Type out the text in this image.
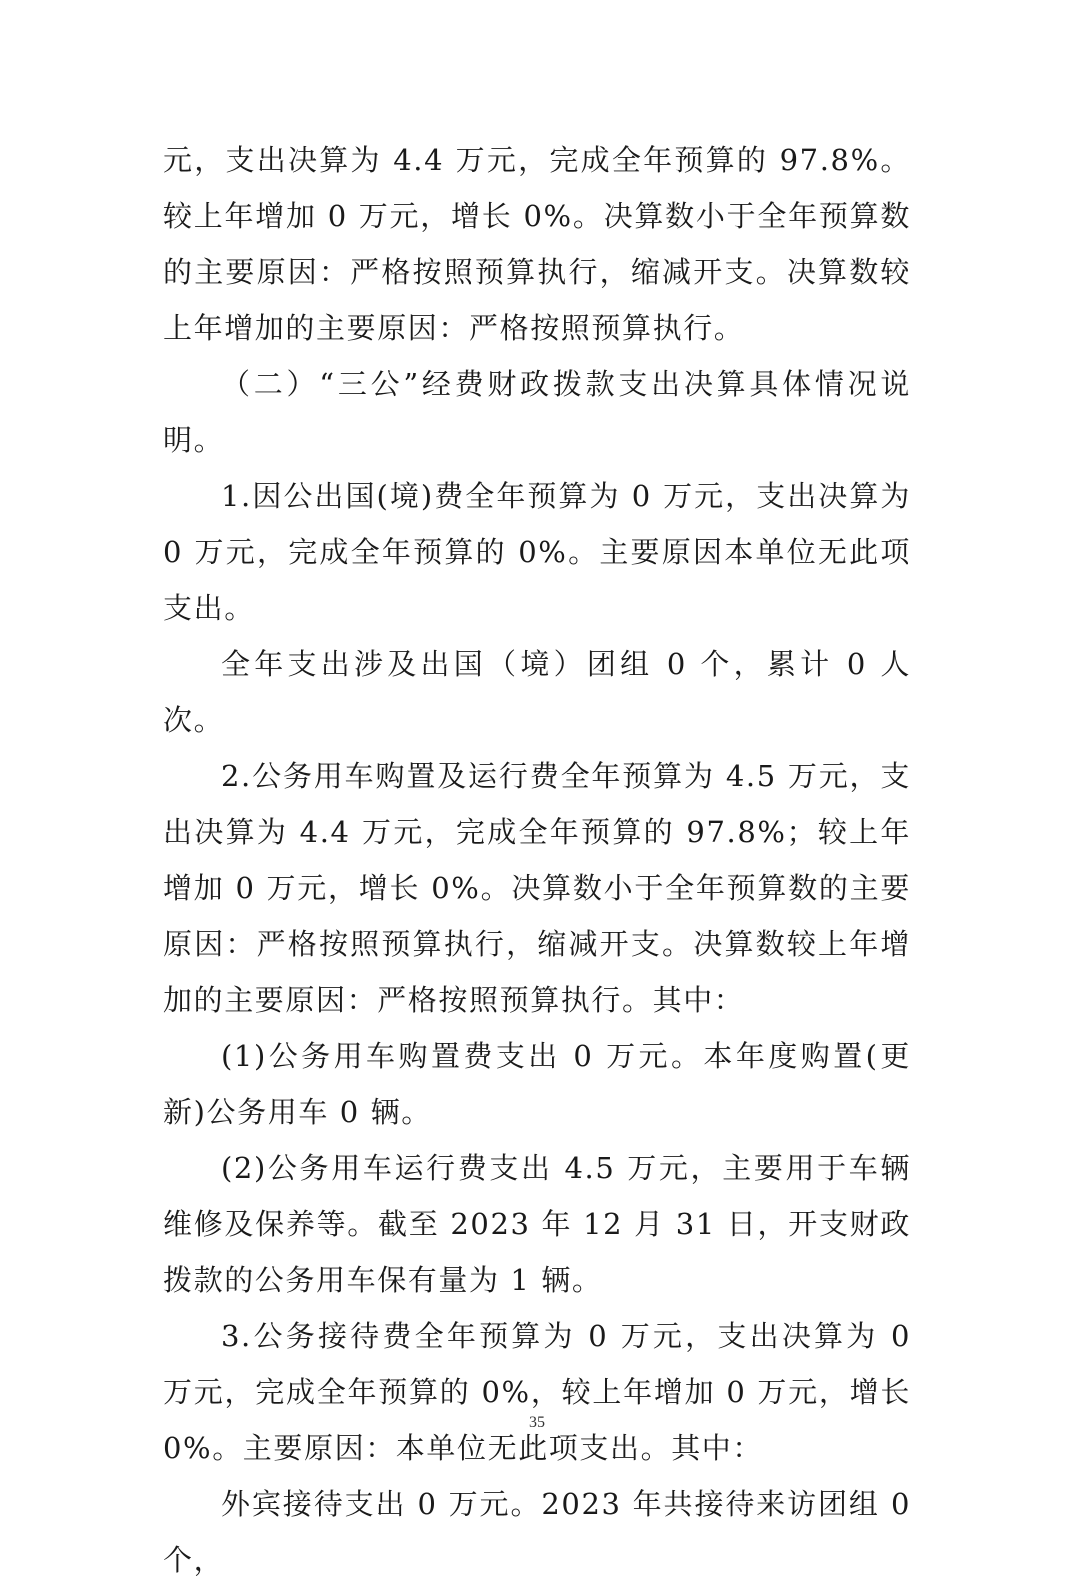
元，支出决算为 4.4 万元，完成全年预算的 97.8%。较上年增加 0 万元，增长 0%。决算数小于全年预算数的主要原因：严格按照预算执行，缩减开支。决算数较上年增加的主要原因：严格按照预算执行。

（二）“三公”经费财政拨款支出决算具体情况说明。

1.因公出国(境)费全年预算为 0 万元，支出决算为 0 万元，完成全年预算的 0%。主要原因本单位无此项支出。

全年支出涉及出国（境）团组 0 个，累计 0 人次。

2.公务用车购置及运行费全年预算为 4.5 万元，支出决算为 4.4 万元，完成全年预算的 97.8%；较上年增加 0 万元，增长 0%。决算数小于全年预算数的主要原因：严格按照预算执行，缩减开支。决算数较上年增加的主要原因：严格按照预算执行。其中：

(1)公务用车购置费支出 0 万元。本年度购置(更新)公务用车 0 辆。

(2)公务用车运行费支出 4.5 万元，主要用于车辆维修及保养等。截至 2023 年 12 月 31 日，开支财政拨款的公务用车保有量为 1 辆。

3.公务接待费全年预算为 0 万元，支出决算为 0 万元，完成全年预算的 0%，较上年增加 0 万元，增长 0%。主要原因：本单位无此项支出。其中：

外宾接待支出 0 万元。2023 年共接待来访团组 0 个，

35
